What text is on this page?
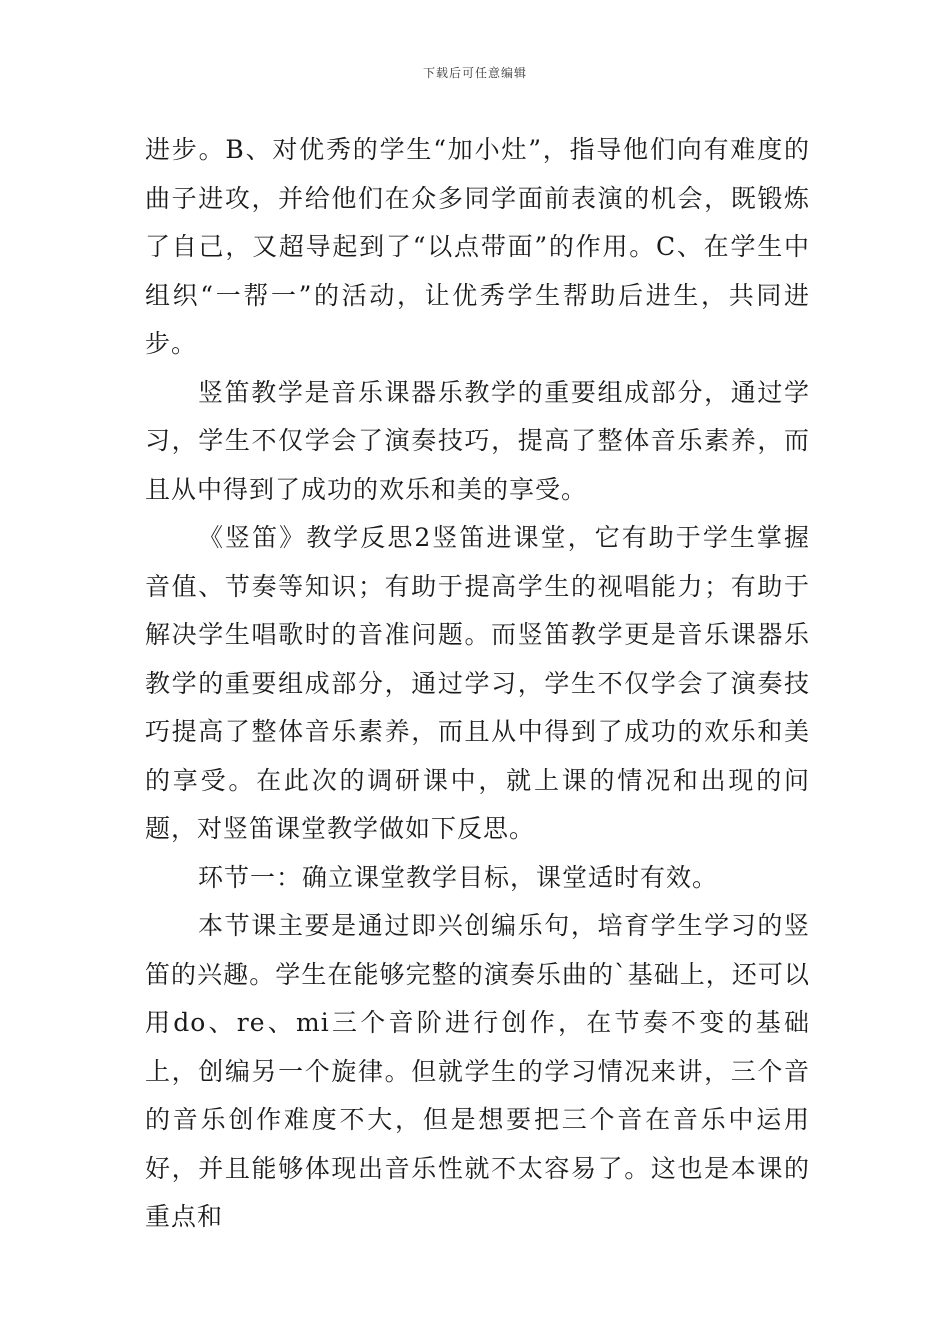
下载后可任意编辑

进步。B、对优秀的学生“加小灶”，指导他们向有难度的曲子进攻，并给他们在众多同学面前表演的机会，既锻炼了自己，又超导起到了“以点带面”的作用。C、在学生中组织“一帮一”的活动，让优秀学生帮助后进生，共同进步。

竖笛教学是音乐课器乐教学的重要组成部分，通过学习，学生不仅学会了演奏技巧，提高了整体音乐素养，而且从中得到了成功的欢乐和美的享受。

《竖笛》教学反思2竖笛进课堂，它有助于学生掌握音值、节奏等知识；有助于提高学生的视唱能力；有助于解决学生唱歌时的音准问题。而竖笛教学更是音乐课器乐教学的重要组成部分，通过学习，学生不仅学会了演奏技巧提高了整体音乐素养，而且从中得到了成功的欢乐和美的享受。在此次的调研课中，就上课的情况和出现的问题，对竖笛课堂教学做如下反思。

环节一：确立课堂教学目标，课堂适时有效。

本节课主要是通过即兴创编乐句，培育学生学习的竖笛的兴趣。学生在能够完整的演奏乐曲的`基础上，还可以用do、re、mi三个音阶进行创作，在节奏不变的基础上，创编另一个旋律。但就学生的学习情况来讲，三个音的音乐创作难度不大，但是想要把三个音在音乐中运用好，并且能够体现出音乐性就不太容易了。这也是本课的重点和
